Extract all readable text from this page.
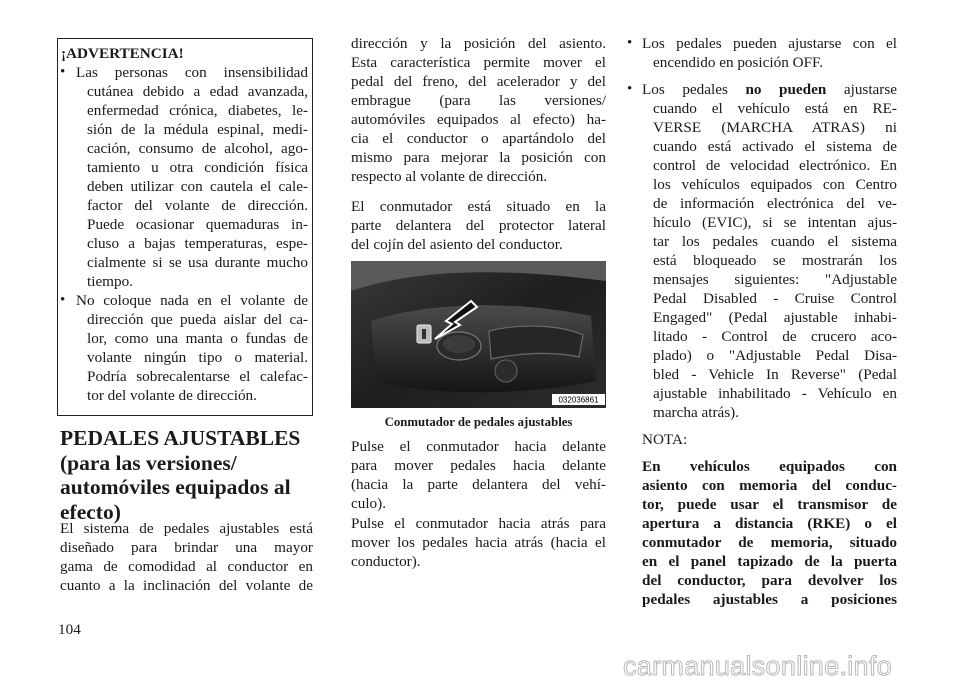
¡ADVERTENCIA!

• Las personas con insensibilidad
cutánea debido a edad avanzada,
enfermedad crónica, diabetes, le-
sión de la médula espinal, medi-
cación, consumo de alcohol, ago-
tamiento u otra condición física
deben utilizar con cautela el cale-
factor del volante de dirección.
Puede ocasionar quemaduras in-
cluso a bajas temperaturas, espe-
cialmente si se usa durante mucho
tiempo.
• No coloque nada en el volante de
dirección que pueda aislar del ca-
lor, como una manta o fundas de
volante ningún tipo o material.
Podría sobrecalentarse el calefac-
tor del volante de dirección.
PEDALES AJUSTABLES
(para las versiones/
automóviles equipados al
efecto)
El sistema de pedales ajustables está
diseñado para brindar una mayor
gama de comodidad al conductor en
cuanto a la inclinación del volante de
dirección y la posición del asiento.
Esta característica permite mover el
pedal del freno, del acelerador y del
embrague (para las versiones/
automóviles equipados al efecto) ha-
cia el conductor o apartándolo del
mismo para mejorar la posición con
respecto al volante de dirección.
El conmutador está situado en la
parte delantera del protector lateral
del cojín del asiento del conductor.
032036861
Conmutador de pedales ajustables
Pulse el conmutador hacia delante
para mover pedales hacia delante
(hacia la parte delantera del vehí-
culo).
Pulse el conmutador hacia atrás para
mover los pedales hacia atrás (hacia el
conductor).
• Los pedales pueden ajustarse con el
encendido en posición OFF.
• Los pedales no pueden ajustarse
cuando el vehículo está en RE-
VERSE (MARCHA ATRAS) ni
cuando está activado el sistema de
control de velocidad electrónico. En
los vehículos equipados con Centro
de información electrónica del ve-
hículo (EVIC), si se intentan ajus-
tar los pedales cuando el sistema
está bloqueado se mostrarán los
mensajes siguientes: "Adjustable
Pedal Disabled - Cruise Control
Engaged" (Pedal ajustable inhabi-
litado - Control de crucero aco-
plado) o "Adjustable Pedal Disa-
bled - Vehicle In Reverse" (Pedal
ajustable inhabilitado - Vehículo en
marcha atrás).
NOTA:
En vehículos equipados con
asiento con memoria del conduc-
tor, puede usar el transmisor de
apertura a distancia (RKE) o el
conmutador de memoria, situado
en el panel tapizado de la puerta
del conductor, para devolver los
pedales ajustables a posiciones
104
carmanualsonline.info
